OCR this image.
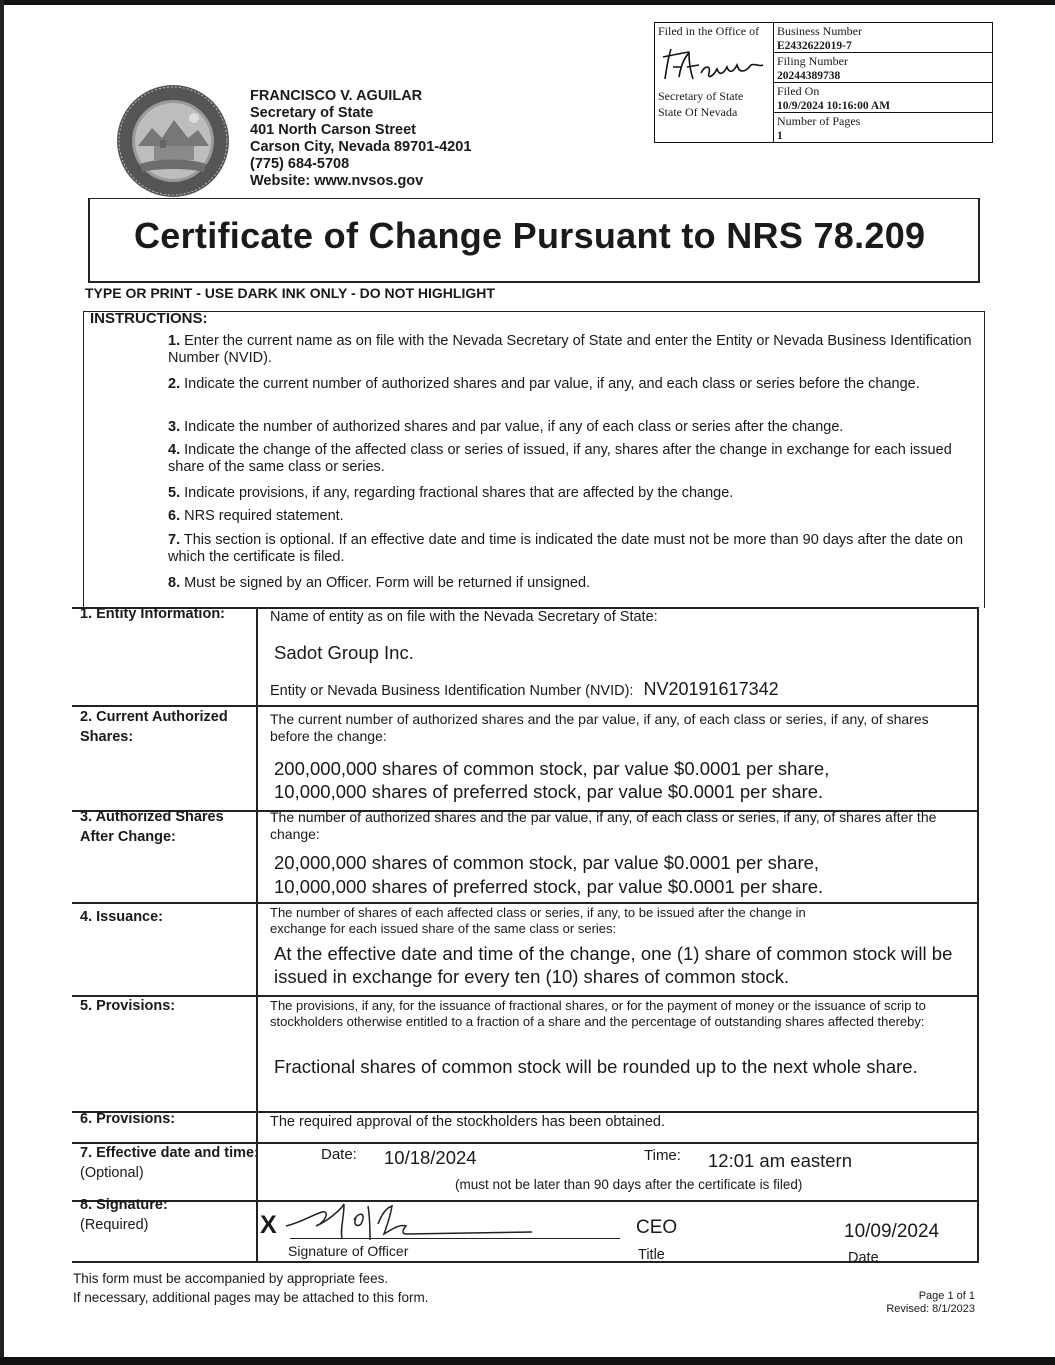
Filed in the Office of
Secretary of State
State Of Nevada
Business Number
E2432622019-7
Filing Number
20244389738
Filed On
10/9/2024 10:16:00 AM
Number of Pages
1
FRANCISCO V. AGUILAR
Secretary of State
401 North Carson Street
Carson City, Nevada 89701-4201
(775) 684-5708
Website: www.nvsos.gov
Certificate of Change Pursuant to NRS 78.209
TYPE OR PRINT - USE DARK INK ONLY - DO NOT HIGHLIGHT
INSTRUCTIONS:
1. Enter the current name as on file with the Nevada Secretary of State and enter the Entity or Nevada Business Identification Number (NVID).
2. Indicate the current number of authorized shares and par value, if any, and each class or series before the change.
3. Indicate the number of authorized shares and par value, if any of each class or series after the change.
4. Indicate the change of the affected class or series of issued, if any, shares after the change in exchange for each issued share of the same class or series.
5. Indicate provisions, if any, regarding fractional shares that are affected by the change.
6. NRS required statement.
7. This section is optional. If an effective date and time is indicated the date must not be more than 90 days after the date on which the certificate is filed.
8. Must be signed by an Officer. Form will be returned if unsigned.
1. Entity Information:	Name of entity as on file with the Nevada Secretary of State:
Sadot Group Inc.
Entity or Nevada Business Identification Number (NVID): NV20191617342
2. Current Authorized Shares:
The current number of authorized shares and the par value, if any, of each class or series, if any, of shares before the change:
200,000,000 shares of common stock, par value $0.0001 per share,
10,000,000 shares of preferred stock, par value $0.0001 per share.
3. Authorized Shares After Change:
The number of authorized shares and the par value, if any, of each class or series, if any, of shares after the change:
20,000,000 shares of common stock, par value $0.0001 per share,
10,000,000 shares of preferred stock, par value $0.0001 per share.
4. Issuance:	The number of shares of each affected class or series, if any, to be issued after the change in exchange for each issued share of the same class or series:
At the effective date and time of the change, one (1) share of common stock will be issued in exchange for every ten (10) shares of common stock.
5. Provisions:	The provisions, if any, for the issuance of fractional shares, or for the payment of money or the issuance of scrip to stockholders otherwise entitled to a fraction of a share and the percentage of outstanding shares affected thereby:
Fractional shares of common stock will be rounded up to the next whole share.
6. Provisions:	The required approval of the stockholders has been obtained.
7. Effective date and time:
(Optional)
Date: 10/18/2024	Time: 12:01 am eastern
(must not be later than 90 days after the certificate is filed)
8. Signature:
(Required)	X
Signature of Officer
CEO
Title
10/09/2024
Date
This form must be accompanied by appropriate fees.
If necessary, additional pages may be attached to this form.	Page 1 of 1
Revised: 8/1/2023
